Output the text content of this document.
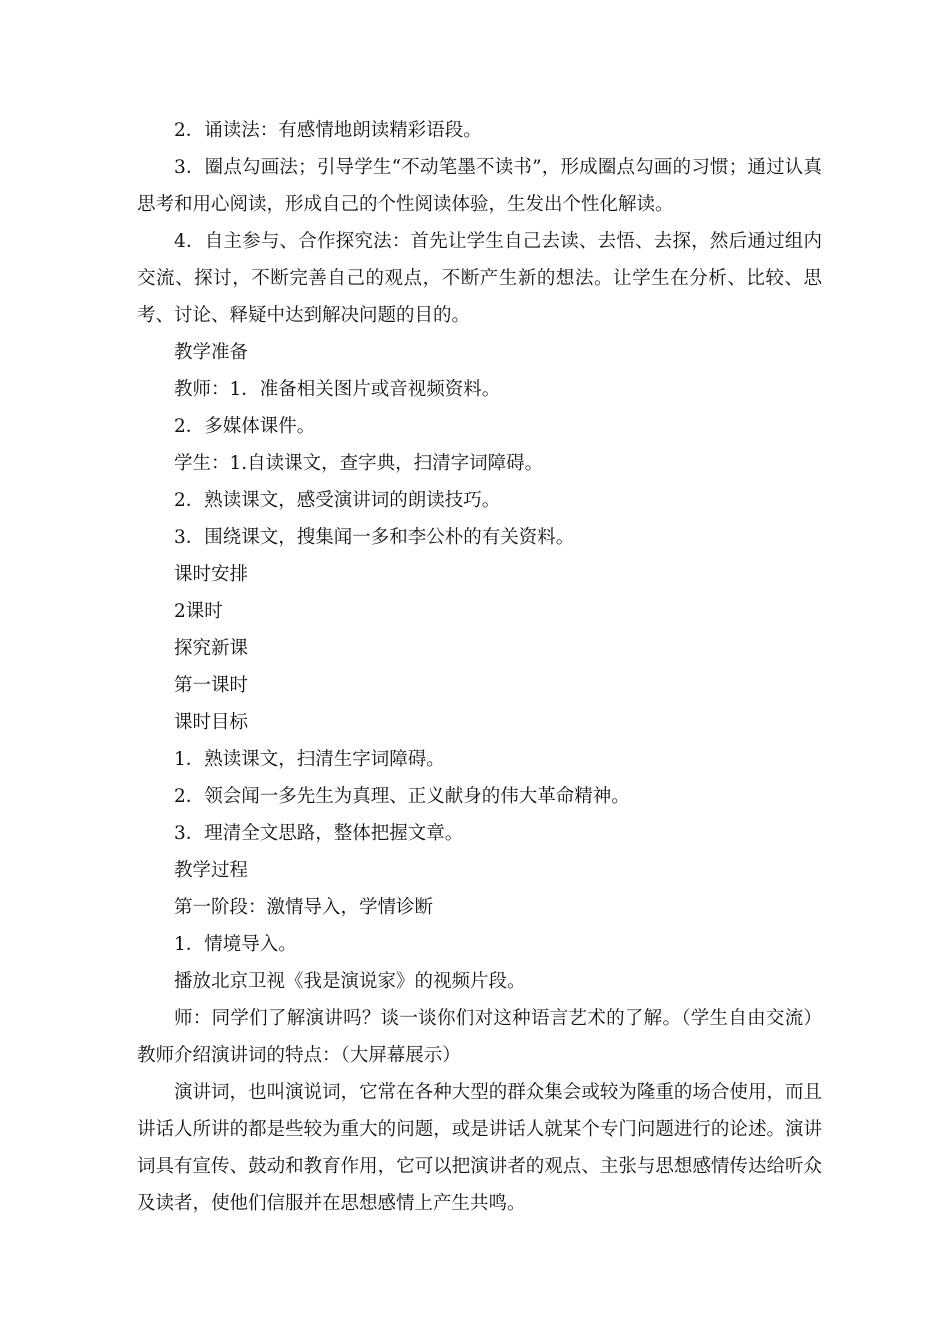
2．诵读法：有感情地朗读精彩语段。

3．圈点勾画法；引导学生“不动笔墨不读书”，形成圈点勾画的习惯；通过认真思考和用心阅读，形成自己的个性阅读体验，生发出个性化解读。

4．自主参与、合作探究法：首先让学生自己去读、去悟、去探，然后通过组内交流、探讨，不断完善自己的观点，不断产生新的想法。让学生在分析、比较、思考、讨论、释疑中达到解决问题的目的。

教学准备

教师：1．准备相关图片或音视频资料。

2．多媒体课件。

学生：1.自读课文，查字典，扫清字词障碍。

2．熟读课文，感受演讲词的朗读技巧。

3．围绕课文，搜集闻一多和李公朴的有关资料。

课时安排

2课时

探究新课

第一课时

课时目标

1．熟读课文，扫清生字词障碍。

2．领会闻一多先生为真理、正义献身的伟大革命精神。

3．理清全文思路，整体把握文章。

教学过程

第一阶段：激情导入，学情诊断

1．情境导入。

播放北京卫视《我是演说家》的视频片段。

师：同学们了解演讲吗？谈一谈你们对这种语言艺术的了解。（学生自由交流）教师介绍演讲词的特点：（大屏幕展示）

演讲词，也叫演说词，它常在各种大型的群众集会或较为隆重的场合使用，而且讲话人所讲的都是些较为重大的问题，或是讲话人就某个专门问题进行的论述。演讲词具有宣传、鼓动和教育作用，它可以把演讲者的观点、主张与思想感情传达给听众及读者，使他们信服并在思想感情上产生共鸣。
